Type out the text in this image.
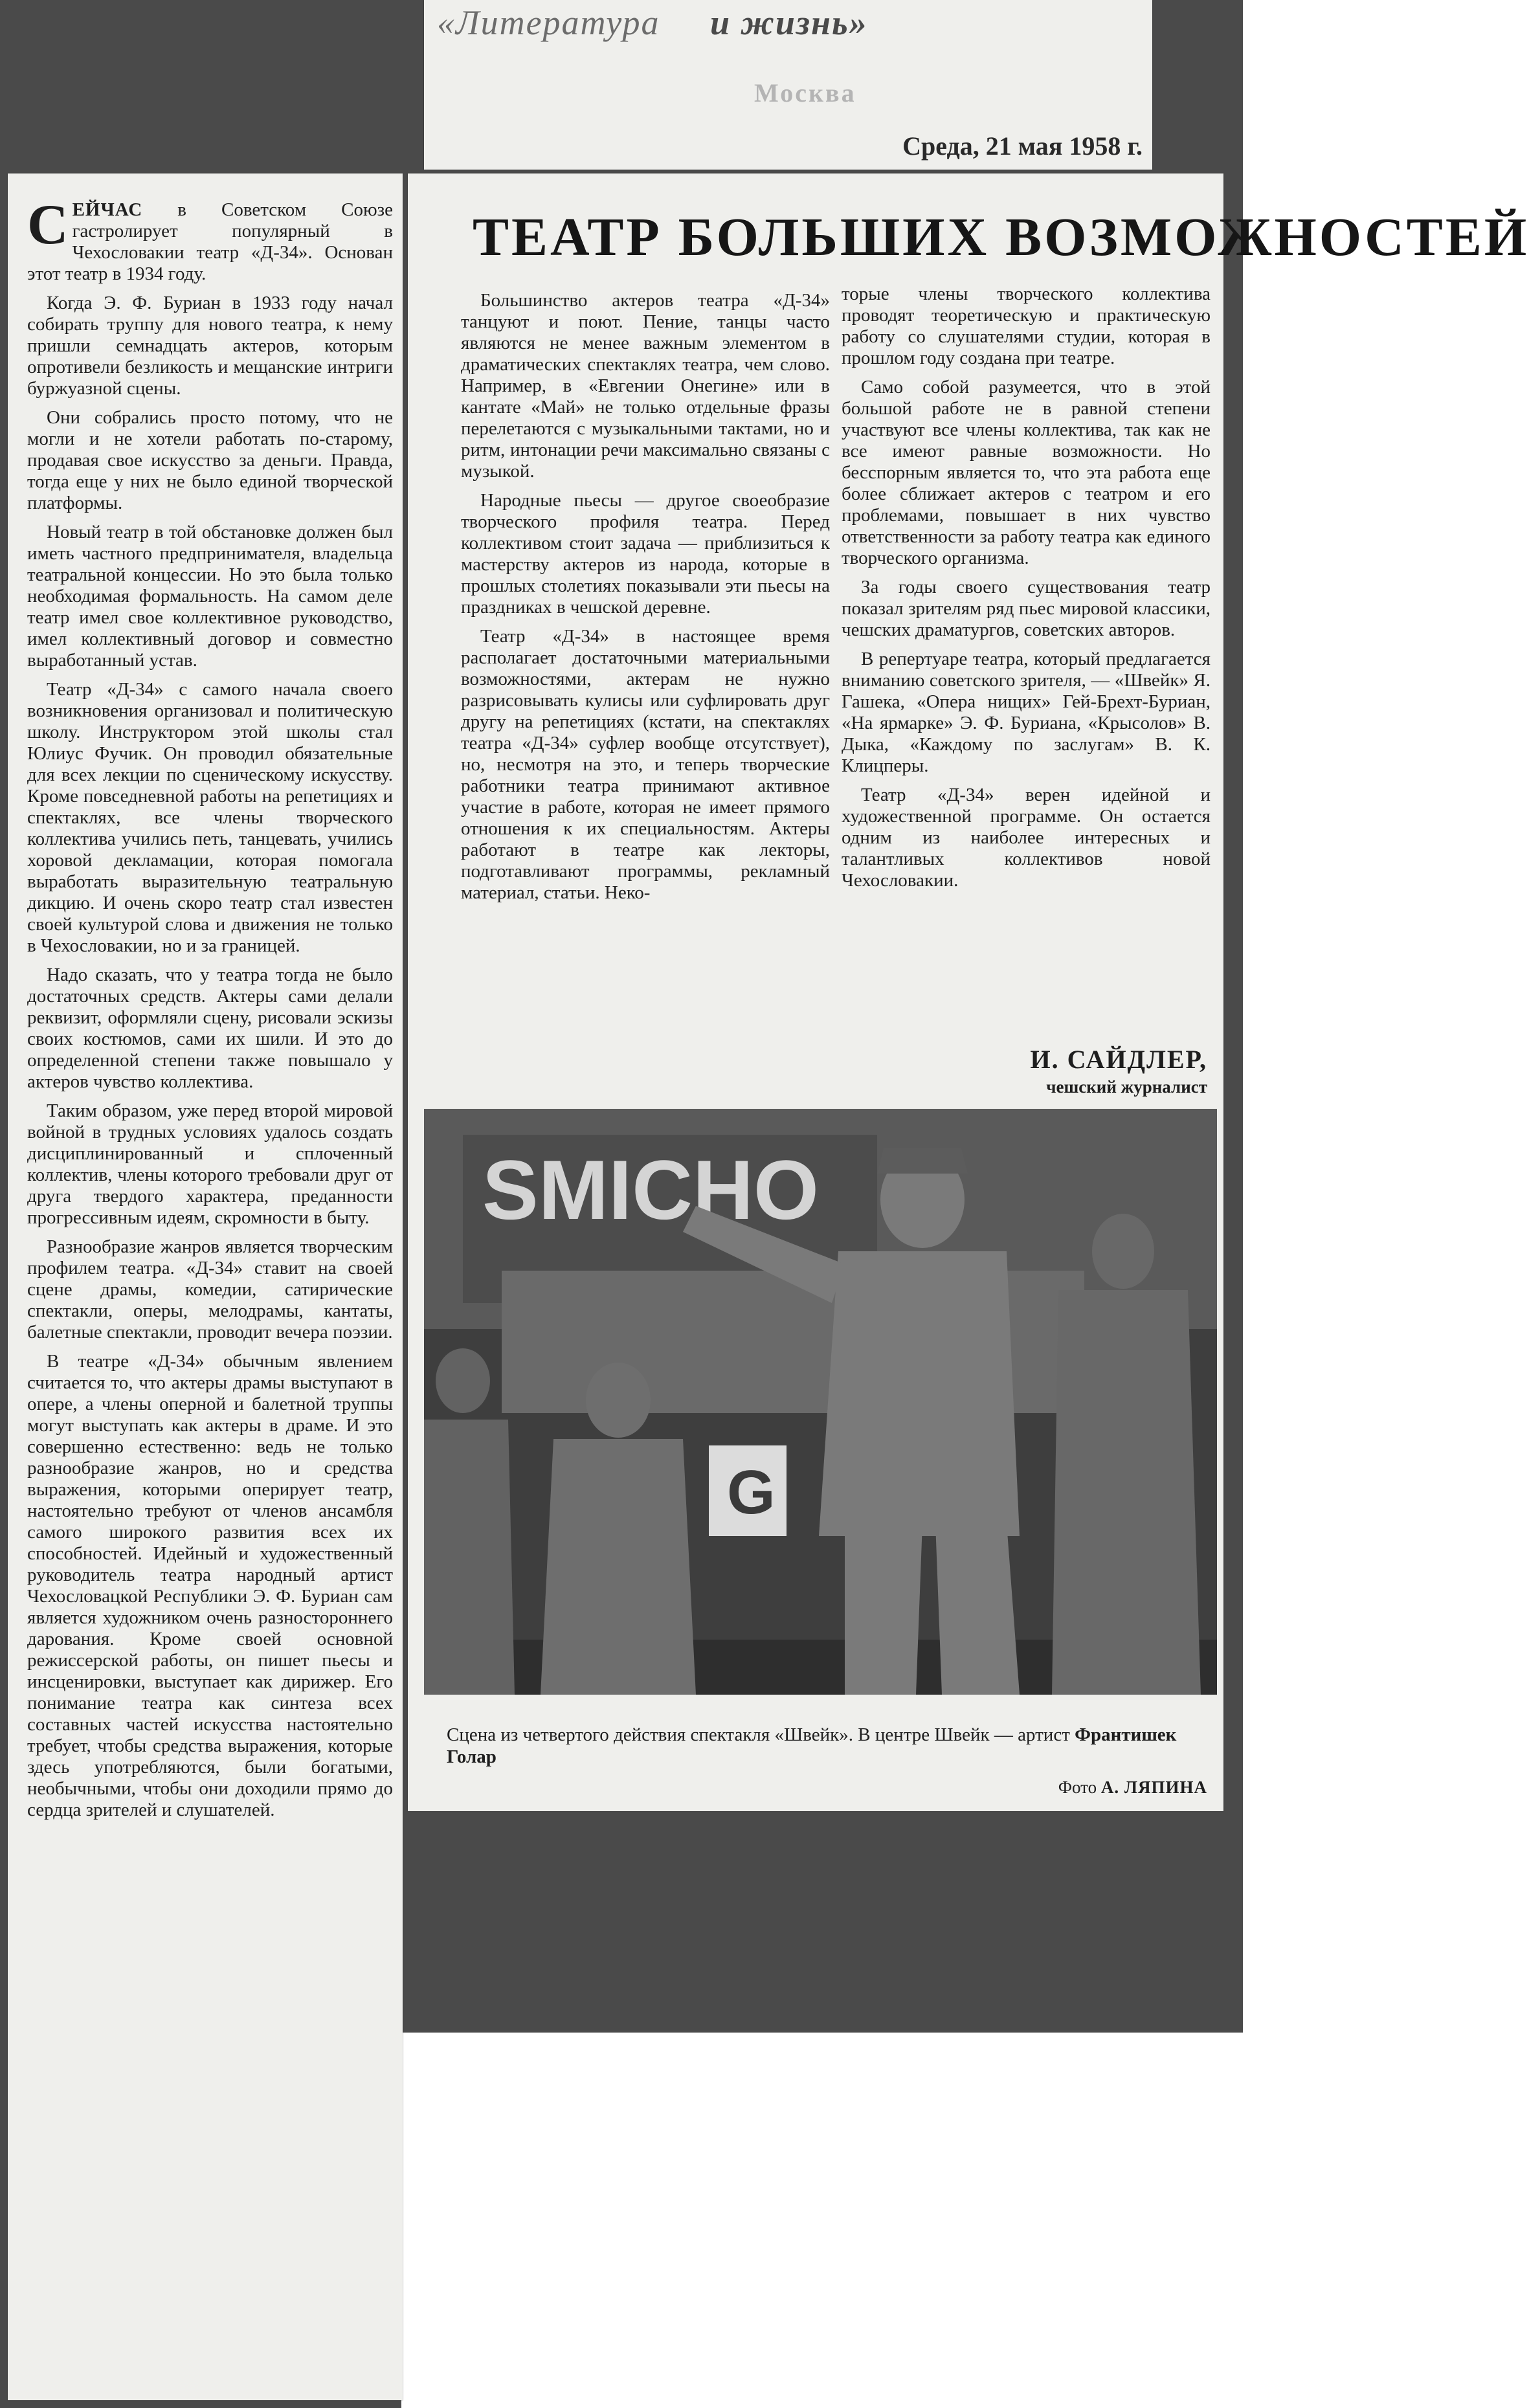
«Литература и жизнь»
Москва
Среда, 21 мая 1958 г.

СЕЙЧАС в Советском Союзе гастролирует популярный в Чехословакии театр «Д-34». Основан этот театр в 1934 году.

Когда Э. Ф. Буриан в 1933 году начал собирать труппу для нового театра, к нему пришли семнадцать актеров, которым опротивели безликость и мещанские интриги буржуазной сцены.

Они собрались просто потому, что не могли и не хотели работать по-старому, продавая свое искусство за деньги. Правда, тогда еще у них не было единой творческой платформы.

Новый театр в той обстановке должен был иметь частного предпринимателя, владельца театральной концессии. Но это была только необходимая формальность. На самом деле театр имел свое коллективное руководство, имел коллективный договор и совместно выработанный устав.

Театр «Д-34» с самого начала своего возникновения организовал и политическую школу. Инструктором этой школы стал Юлиус Фучик. Он проводил обязательные для всех лекции по сценическому искусству. Кроме повседневной работы на репетициях и спектаклях, все члены творческого коллектива учились петь, танцевать, учились хоровой декламации, которая помогала выработать выразительную театральную дикцию. И очень скоро театр стал известен своей культурой слова и движения не только в Чехословакии, но и за границей.

Надо сказать, что у театра тогда не было достаточных средств. Актеры сами делали реквизит, оформляли сцену, рисовали эскизы своих костюмов, сами их шили. И это до определенной степени также повышало у актеров чувство коллектива.

Таким образом, уже перед второй мировой войной в трудных условиях удалось создать дисциплинированный и сплоченный коллектив, члены которого требовали друг от друга твердого характера, преданности прогрессивным идеям, скромности в быту.

Разнообразие жанров является творческим профилем театра. «Д-34» ставит на своей сцене драмы, комедии, сатирические спектакли, оперы, мелодрамы, кантаты, балетные спектакли, проводит вечера поэзии.

В театре «Д-34» обычным явлением считается то, что актеры драмы выступают в опере, а члены оперной и балетной труппы могут выступать как актеры в драме. И это совершенно естественно: ведь не только разнообразие жанров, но и средства выражения, которыми оперирует театр, настоятельно требуют от членов ансамбля самого широкого развития всех их способностей. Идейный и художественный руководитель театра народный артист Чехословацкой Республики Э. Ф. Буриан сам является художником очень разностороннего дарования. Кроме своей основной режиссерской работы, он пишет пьесы и инсценировки, выступает как дирижер. Его понимание театра как синтеза всех составных частей искусства настоятельно требует, чтобы средства выражения, которые здесь употребляются, были богатыми, необычными, чтобы они доходили прямо до сердца зрителей и слушателей.

ТЕАТР БОЛЬШИХ ВОЗМОЖНОСТЕЙ

Большинство актеров театра «Д-34» танцуют и поют. Пение, танцы часто являются не менее важным элементом в драматических спектаклях театра, чем слово. Например, в «Евгении Онегине» или в кантате «Май» не только отдельные фразы перелетаются с музыкальными тактами, но и ритм, интонации речи максимально связаны с музыкой.

Народные пьесы — другое своеобразие творческого профиля театра. Перед коллективом стоит задача — приблизиться к мастерству актеров из народа, которые в прошлых столетиях показывали эти пьесы на праздниках в чешской деревне.

Театр «Д-34» в настоящее время располагает достаточными материальными возможностями, актерам не нужно разрисовывать кулисы или суфлировать друг другу на репетициях (кстати, на спектаклях театра «Д-34» суфлер вообще отсутствует), но, несмотря на это, и теперь творческие работники театра принимают активное участие в работе, которая не имеет прямого отношения к их специальностям. Актеры работают в театре как лекторы, подготавливают программы, рекламный материал, статьи. Неко-

торые члены творческого коллектива проводят теоретическую и практическую работу со слушателями студии, которая в прошлом году создана при театре.

Само собой разумеется, что в этой большой работе не в равной степени участвуют все члены коллектива, так как не все имеют равные возможности. Но бесспорным является то, что эта работа еще более сближает актеров с театром и его проблемами, повышает в них чувство ответственности за работу театра как единого творческого организма.

За годы своего существования театр показал зрителям ряд пьес мировой классики, чешских драматургов, советских авторов.

В репертуаре театра, который предлагается вниманию советского зрителя, — «Швейк» Я. Гашека, «Опера нищих» Гей-Брехт-Буриан, «На ярмарке» Э. Ф. Буриана, «Крысолов» В. Дыка, «Каждому по заслугам» В. К. Клицперы.

Театр «Д-34» верен идейной и художественной программе. Он остается одним из наиболее интересных и талантливых коллективов новой Чехословакии.

И. САЙДЛЕР,
чешский журналист
SMICHO
G
Сцена из четвертого действия спектакля «Швейк». В центре Швейк — артист Франтишек Голар
Фото А. ЛЯПИНА
